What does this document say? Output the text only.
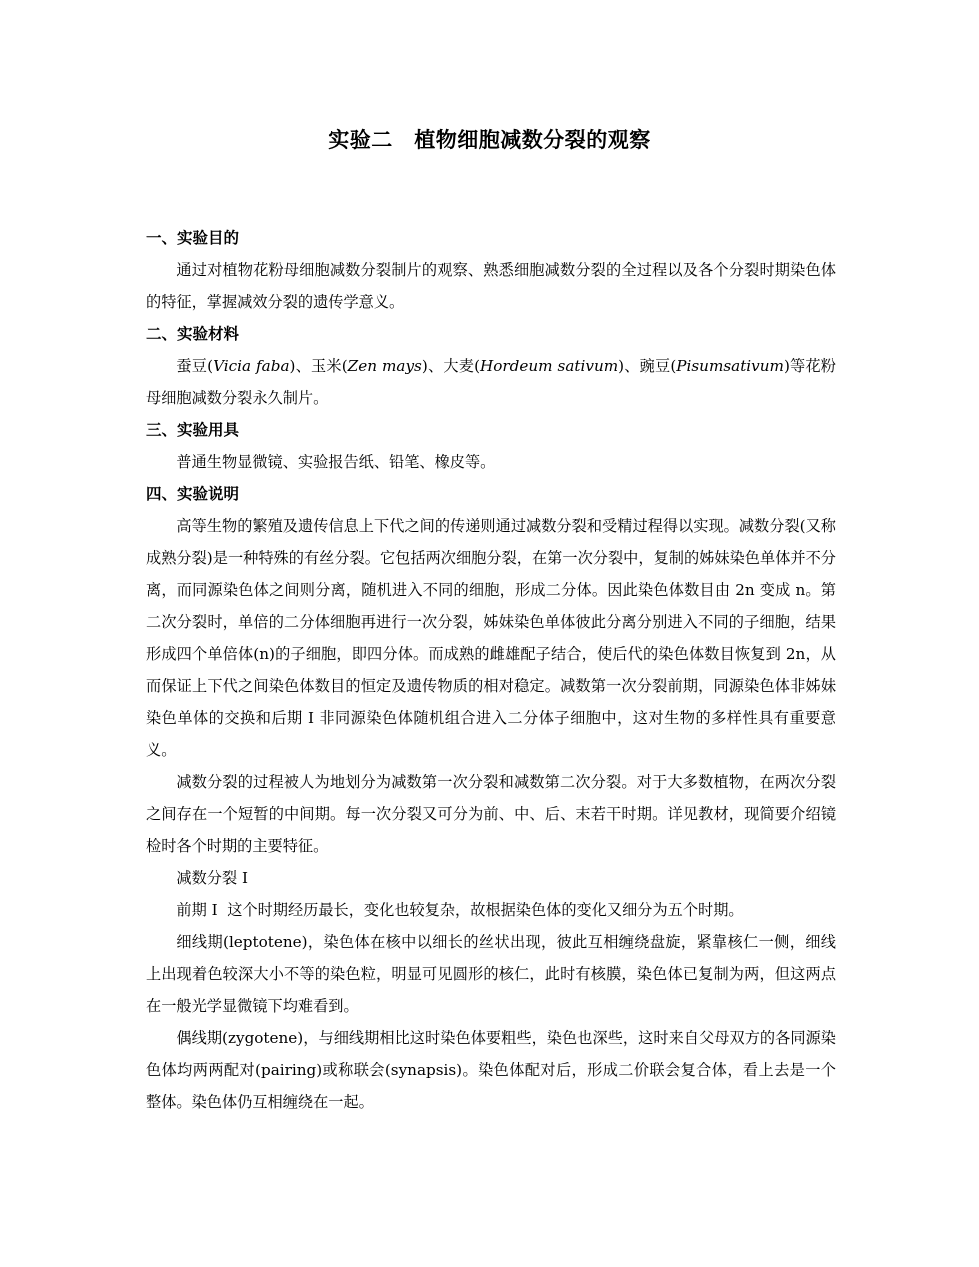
实验二　植物细胞减数分裂的观察
一、实验目的

通过对植物花粉母细胞减数分裂制片的观察、熟悉细胞减数分裂的全过程以及各个分裂时期染色体的特征，掌握减效分裂的遗传学意义。

二、实验材料

蚕豆(Vicia faba)、玉米(Zen mays)、大麦(Hordeum sativum)、豌豆(Pisumsativum)等花粉母细胞减数分裂永久制片。

三、实验用具

普通生物显微镜、实验报告纸、铅笔、橡皮等。

四、实验说明

高等生物的繁殖及遗传信息上下代之间的传递则通过减数分裂和受精过程得以实现。减数分裂(又称成熟分裂)是一种特殊的有丝分裂。它包括两次细胞分裂，在第一次分裂中，复制的姊妹染色单体并不分离，而同源染色体之间则分离，随机进入不同的细胞，形成二分体。因此染色体数目由 2n 变成 n。第二次分裂时，单倍的二分体细胞再进行一次分裂，姊妹染色单体彼此分离分别进入不同的子细胞，结果形成四个单倍体(n)的子细胞，即四分体。而成熟的雌雄配子结合，使后代的染色体数目恢复到 2n，从而保证上下代之间染色体数目的恒定及遗传物质的相对稳定。减数第一次分裂前期，同源染色体非姊妹染色单体的交换和后期 I 非同源染色体随机组合进入二分体子细胞中，这对生物的多样性具有重要意义。

减数分裂的过程被人为地划分为减数第一次分裂和减数第二次分裂。对于大多数植物，在两次分裂之间存在一个短暂的中间期。每一次分裂又可分为前、中、后、末若干时期。详见教材，现简要介绍镜检时各个时期的主要特征。

减数分裂 I

前期 I  这个时期经历最长，变化也较复杂，故根据染色体的变化又细分为五个时期。

细线期(leptotene)，染色体在核中以细长的丝状出现，彼此互相缠绕盘旋，紧靠核仁一侧，细线上出现着色较深大小不等的染色粒，明显可见圆形的核仁，此时有核膜，染色体已复制为两，但这两点在一般光学显微镜下均难看到。

偶线期(zygotene)，与细线期相比这时染色体要粗些，染色也深些，这时来自父母双方的各同源染色体均两两配对(pairing)或称联会(synapsis)。染色体配对后，形成二价联会复合体，看上去是一个整体。染色体仍互相缠绕在一起。
